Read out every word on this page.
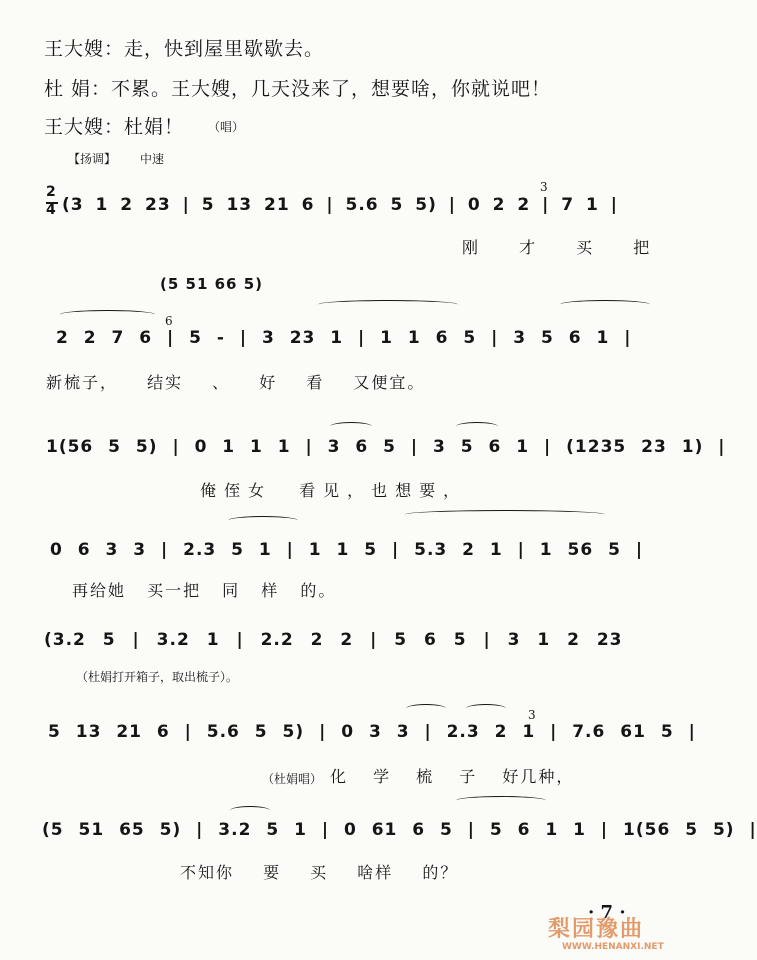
王大嫂：走，快到屋里歇歇去。
杜 娟：不累。王大嫂，几天没来了，想要啥，你就说吧！
王大嫂：杜娟！ （唱）
【扬调】 中速
2
4 (3 1 2 23 | 5 13 21 6 | 5.6 5 5) | 0 2 2 | 7 1 |
刚 才 买 把
3
(5 51 66 5)
2 2 7 6 | 5 - | 3 23 1 | 1 1 6 5 | 3 5 6 1 |
新梳子， 结实 、 好 看 又便宜。
6
1(56 5 5) | 0 1 1 1 | 3 6 5 | 3 5 6 1 | (1235 23 1) |
俺侄女 看见，也想要，
0 6 3 3 | 2.3 5 1 | 1 1 5 | 5.3 2 1 | 1 56 5 |
再给她 买一把 同 样 的。
(3.2 5 | 3.2 1 | 2.2 2 2 | 5 6 5 | 3 1 2 23
（杜娟打开箱子，取出梳子）。
5 13 21 6 | 5.6 5 5) | 0 3 3 | 2.3 2 1 | 7.6 61 5 |
（杜娟唱） 化 学 梳 子 好几种，
3
(5 51 65 5) | 3.2 5 1 | 0 61 6 5 | 5 6 1 1 | 1(56 5 5) |
不知你 要 买 啥样 的？
· 7 ·
梨园豫曲
WWW.HENANXI.NET
